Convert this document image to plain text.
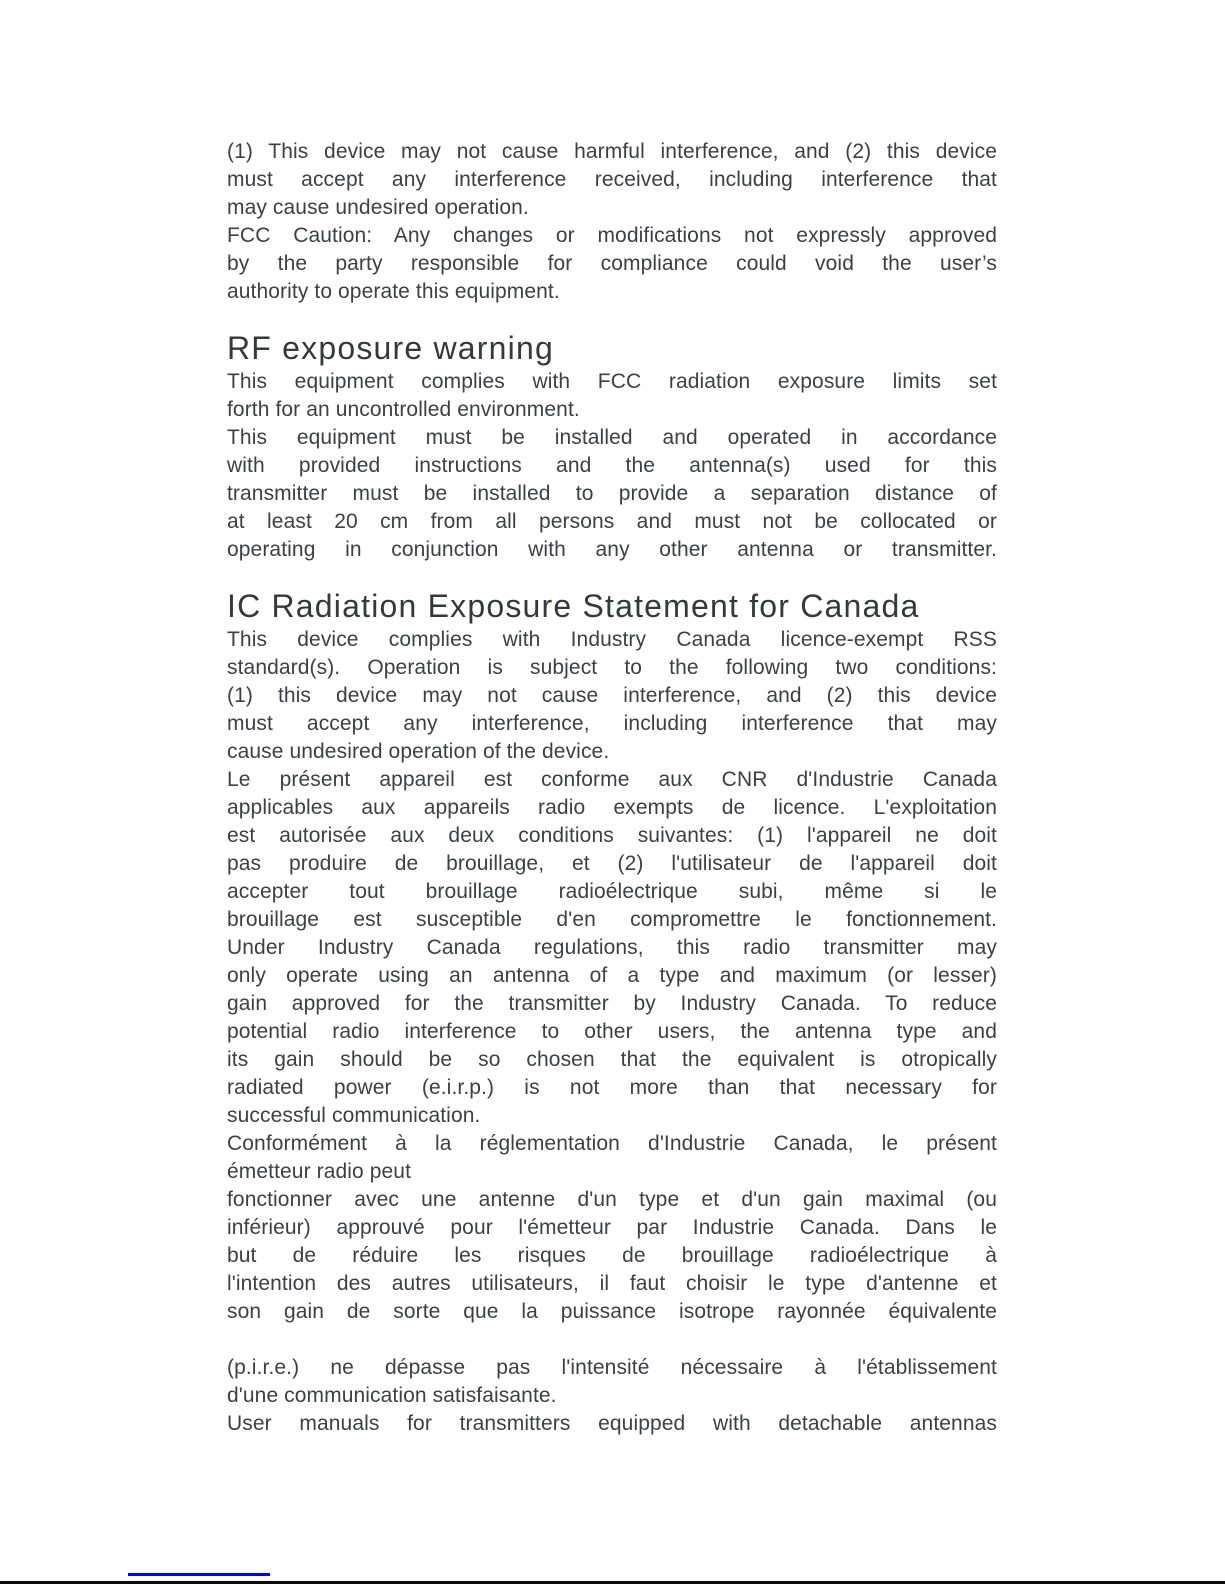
(1) This device may not cause harmful interference, and (2) this device
must accept any interference received, including interference that
may cause undesired operation.
FCC Caution: Any changes or modifications not expressly approved
by the party responsible for compliance could void the user’s
authority to operate this equipment.
RF exposure warning
This equipment complies with FCC radiation exposure limits set
forth for an uncontrolled environment.
This equipment must be installed and operated in accordance
with provided instructions and the antenna(s) used for this
transmitter must be installed to provide a separation distance of
at least 20 cm from all persons and must not be collocated or
operating in conjunction with any other antenna or transmitter.
IC Radiation Exposure Statement for Canada
This device complies with Industry Canada licence-exempt RSS
standard(s). Operation is subject to the following two conditions:
(1) this device may not cause interference, and (2) this device
must accept any interference, including interference that may
cause undesired operation of the device.
Le présent appareil est conforme aux CNR d'Industrie Canada
applicables aux appareils radio exempts de licence. L'exploitation
est autorisée aux deux conditions suivantes: (1) l'appareil ne doit
pas produire de brouillage, et (2) l'utilisateur de l'appareil doit
accepter tout brouillage radioélectrique subi, même si le
brouillage est susceptible d'en compromettre le fonctionnement.
Under Industry Canada regulations, this radio transmitter may
only operate using an antenna of a type and maximum (or lesser)
gain approved for the transmitter by Industry Canada. To reduce
potential radio interference to other users, the antenna type and
its gain should be so chosen that the equivalent is otropically
radiated power (e.i.r.p.) is not more than that necessary for
successful communication.
Conformément à la réglementation d'Industrie Canada, le présent
émetteur radio peut
fonctionner avec une antenne d'un type et d'un gain maximal (ou
inférieur) approuvé pour l'émetteur par Industrie Canada. Dans le
but de réduire les risques de brouillage radioélectrique à
l'intention des autres utilisateurs, il faut choisir le type d'antenne et
son gain de sorte que la puissance isotrope rayonnée équivalente
(p.i.r.e.) ne dépasse pas l'intensité nécessaire à l'établissement
d'une communication satisfaisante.
User manuals for transmitters equipped with detachable antennas
